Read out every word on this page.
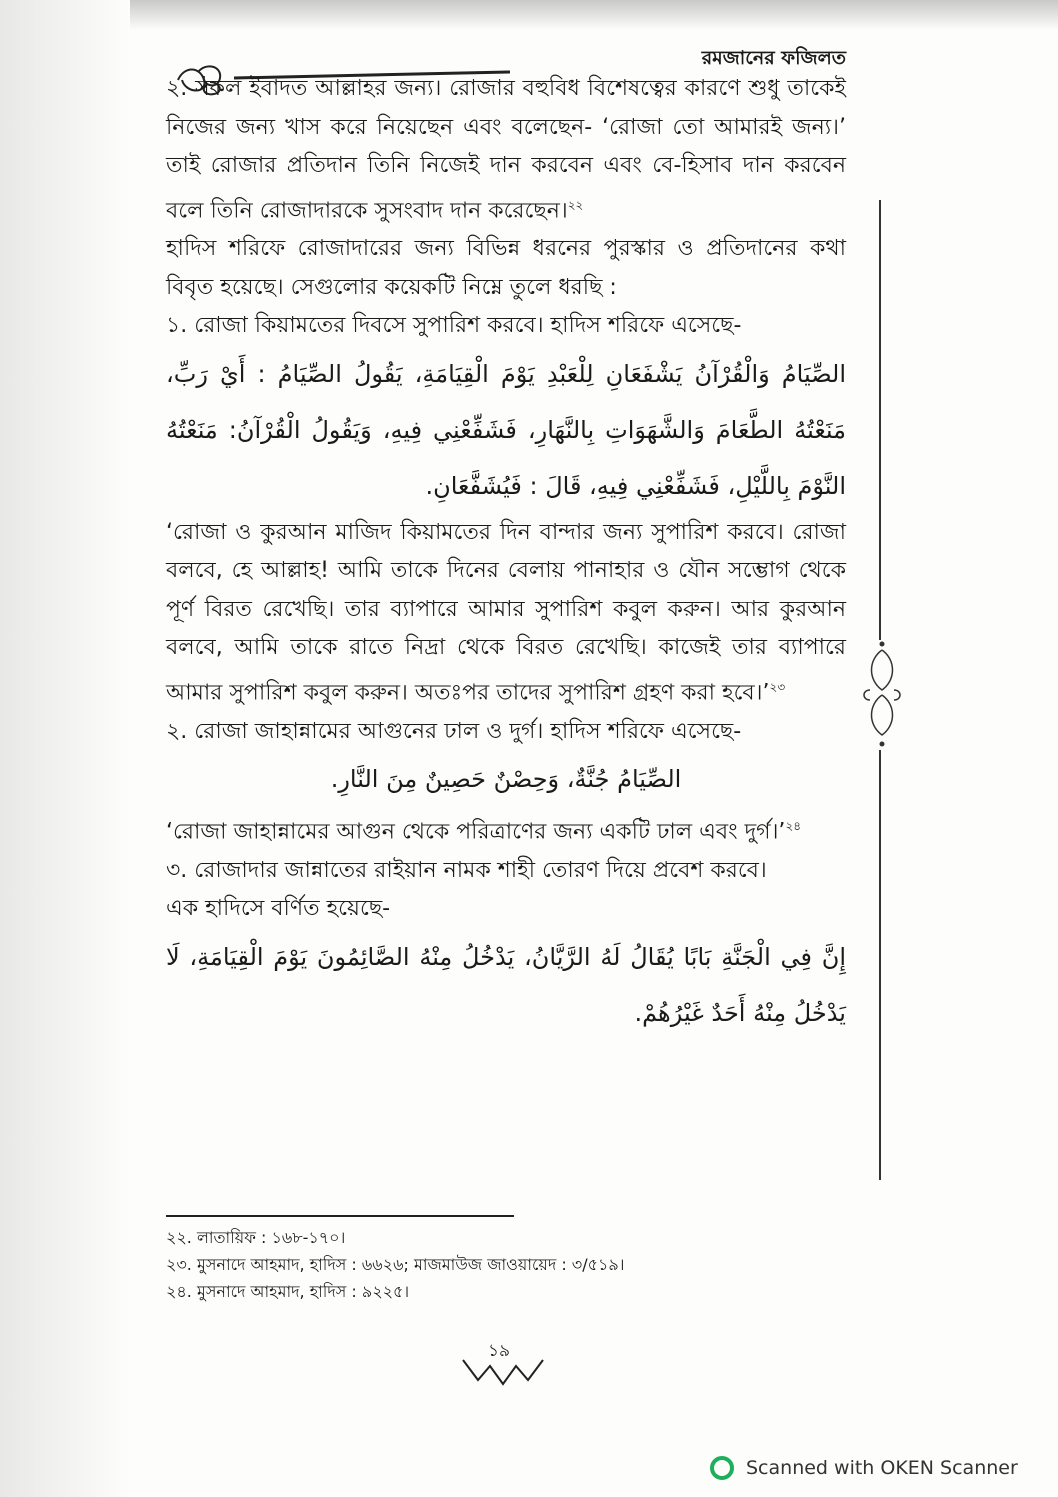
রমজানের ফজিলত

২. সকল ইবাদত আল্লাহর জন্য। রোজার বহুবিধ বিশেষত্বের কারণে শুধু তাকেই নিজের জন্য খাস করে নিয়েছেন এবং বলেছেন- ‘রোজা তো আমারই জন্য।’ তাই রোজার প্রতিদান তিনি নিজেই দান করবেন এবং বে-হিসাব দান করবেন বলে তিনি রোজাদারকে সুসংবাদ দান করেছেন।$^{২২}$

হাদিস শরিফে রোজাদারের জন্য বিভিন্ন ধরনের পুরস্কার ও প্রতিদানের কথা বিবৃত হয়েছে। সেগুলোর কয়েকটি নিম্নে তুলে ধরছি :

১. রোজা কিয়ামতের দিবসে সুপারিশ করবে। হাদিস শরিফে এসেছে-

الصِّيَامُ وَالْقُرْآنُ يَشْفَعَانِ لِلْعَبْدِ يَوْمَ الْقِيَامَةِ، يَقُولُ الصِّيَامُ : أَيْ رَبِّ، مَنَعْتُهُ الطَّعَامَ وَالشَّهَوَاتِ بِالنَّهَارِ، فَشَفِّعْنِي فِيهِ، وَيَقُولُ الْقُرْآنُ: مَنَعْتُهُ النَّوْمَ بِاللَّيْلِ، فَشَفِّعْنِي فِيهِ، قَالَ : فَيُشَفَّعَانِ.

‘রোজা ও কুরআন মাজিদ কিয়ামতের দিন বান্দার জন্য সুপারিশ করবে। রোজা বলবে, হে আল্লাহ! আমি তাকে দিনের বেলায় পানাহার ও যৌন সম্ভোগ থেকে পূর্ণ বিরত রেখেছি। তার ব্যাপারে আমার সুপারিশ কবুল করুন। আর কুরআন বলবে, আমি তাকে রাতে নিদ্রা থেকে বিরত রেখেছি। কাজেই তার ব্যাপারে আমার সুপারিশ কবুল করুন। অতঃপর তাদের সুপারিশ গ্রহণ করা হবে।’$^{২৩}$

২. রোজা জাহান্নামের আগুনের ঢাল ও দুর্গ। হাদিস শরিফে এসেছে-

الصِّيَامُ جُنَّةٌ، وَحِصْنٌ حَصِينٌ مِنَ النَّارِ.

‘রোজা জাহান্নামের আগুন থেকে পরিত্রাণের জন্য একটি ঢাল এবং দুর্গ।’$^{২৪}$

৩. রোজাদার জান্নাতের রাইয়ান নামক শাহী তোরণ দিয়ে প্রবেশ করবে।

এক হাদিসে বর্ণিত হয়েছে-

إِنَّ فِي الْجَنَّةِ بَابًا يُقَالُ لَهُ الرَّيَّانُ، يَدْخُلُ مِنْهُ الصَّائِمُونَ يَوْمَ الْقِيَامَةِ، لَا يَدْخُلُ مِنْهُ أَحَدٌ غَيْرُهُمْ.

২২. লাতায়িফ : ১৬৮-১৭০।
২৩. মুসনাদে আহমাদ, হাদিস : ৬৬২৬; মাজমাউজ জাওয়ায়েদ : ৩/৫১৯।
২৪. মুসনাদে আহমাদ, হাদিস : ৯২২৫।
১৯
Scanned with OKEN Scanner
